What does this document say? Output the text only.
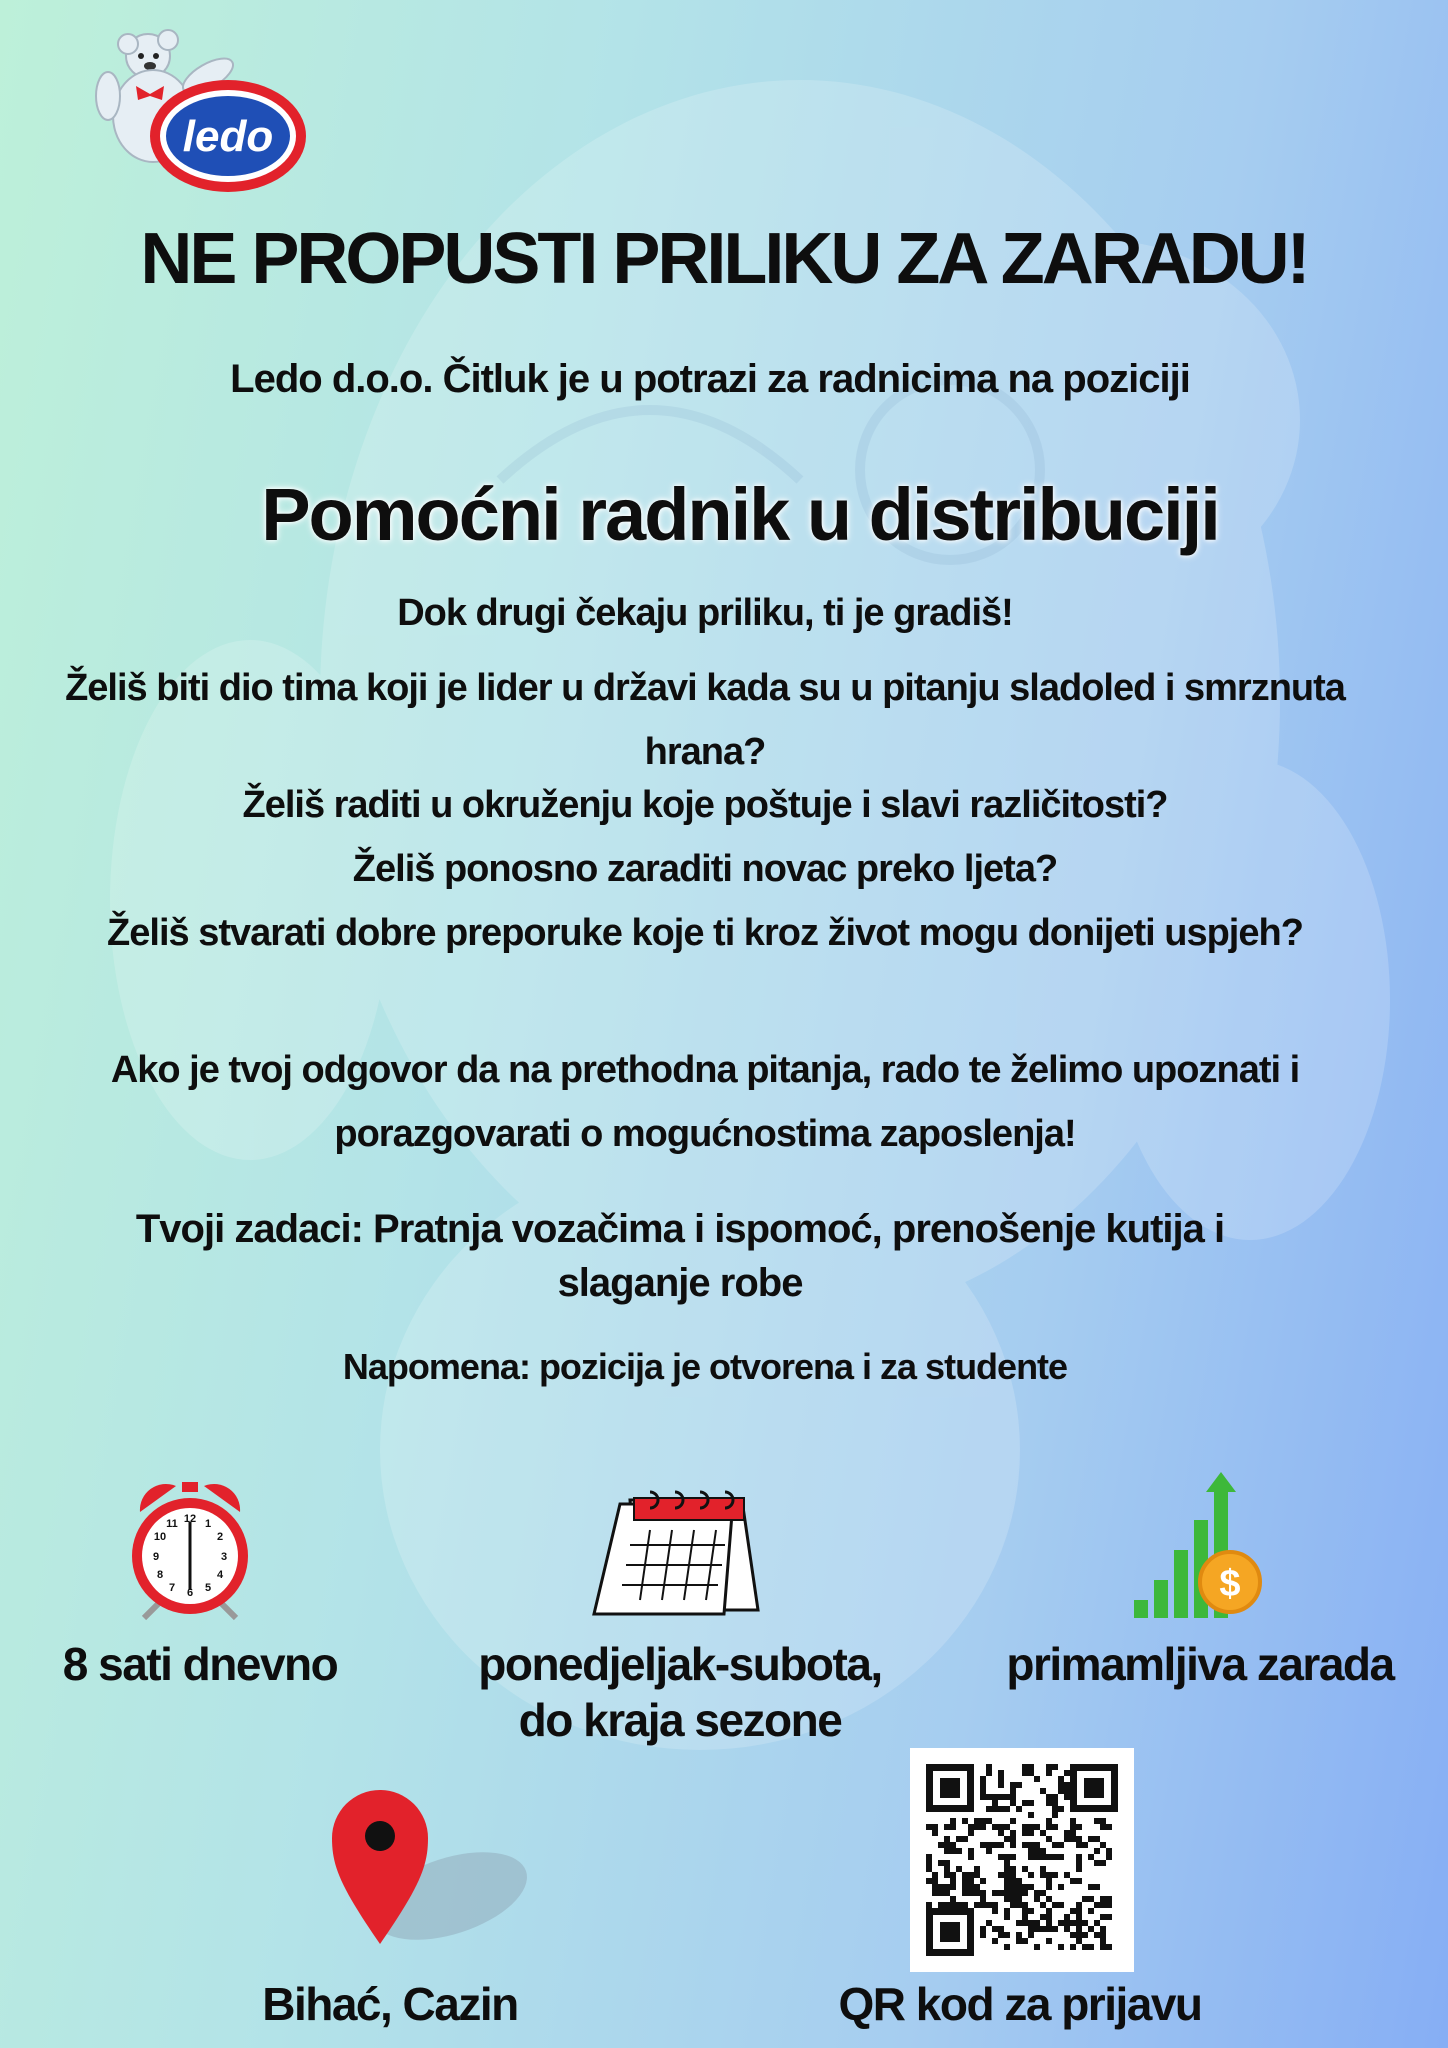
ledo
NE PROPUSTI PRILIKU ZA ZARADU!
Ledo d.o.o. Čitluk je u potrazi za radnicima na poziciji
Pomoćni radnik u distribuciji
Dok drugi čekaju priliku, ti je gradiš!
Želiš biti dio tima koji je lider u državi kada su u pitanju sladoled i smrznuta hrana?
Želiš raditi u okruženju koje poštuje i slavi različitosti?
Želiš ponosno zaraditi novac preko ljeta?
Želiš stvarati dobre preporuke koje ti kroz život mogu donijeti uspjeh?
Ako je tvoj odgovor da na prethodna pitanja, rado te želimo upoznati i porazgovarati o mogućnostima zaposlenja!
Tvoji zadaci: Pratnja vozačima i ispomoć, prenošenje kutija i slaganje robe
Napomena: pozicija je otvorena i za studente
12 1
2
3
4
5
6
7
8
9
10
11
$
8 sati dnevno	ponedjeljak-subota,
do kraja sezone
primamljiva zarada
Bihać, Cazin	QR kod za prijavu
